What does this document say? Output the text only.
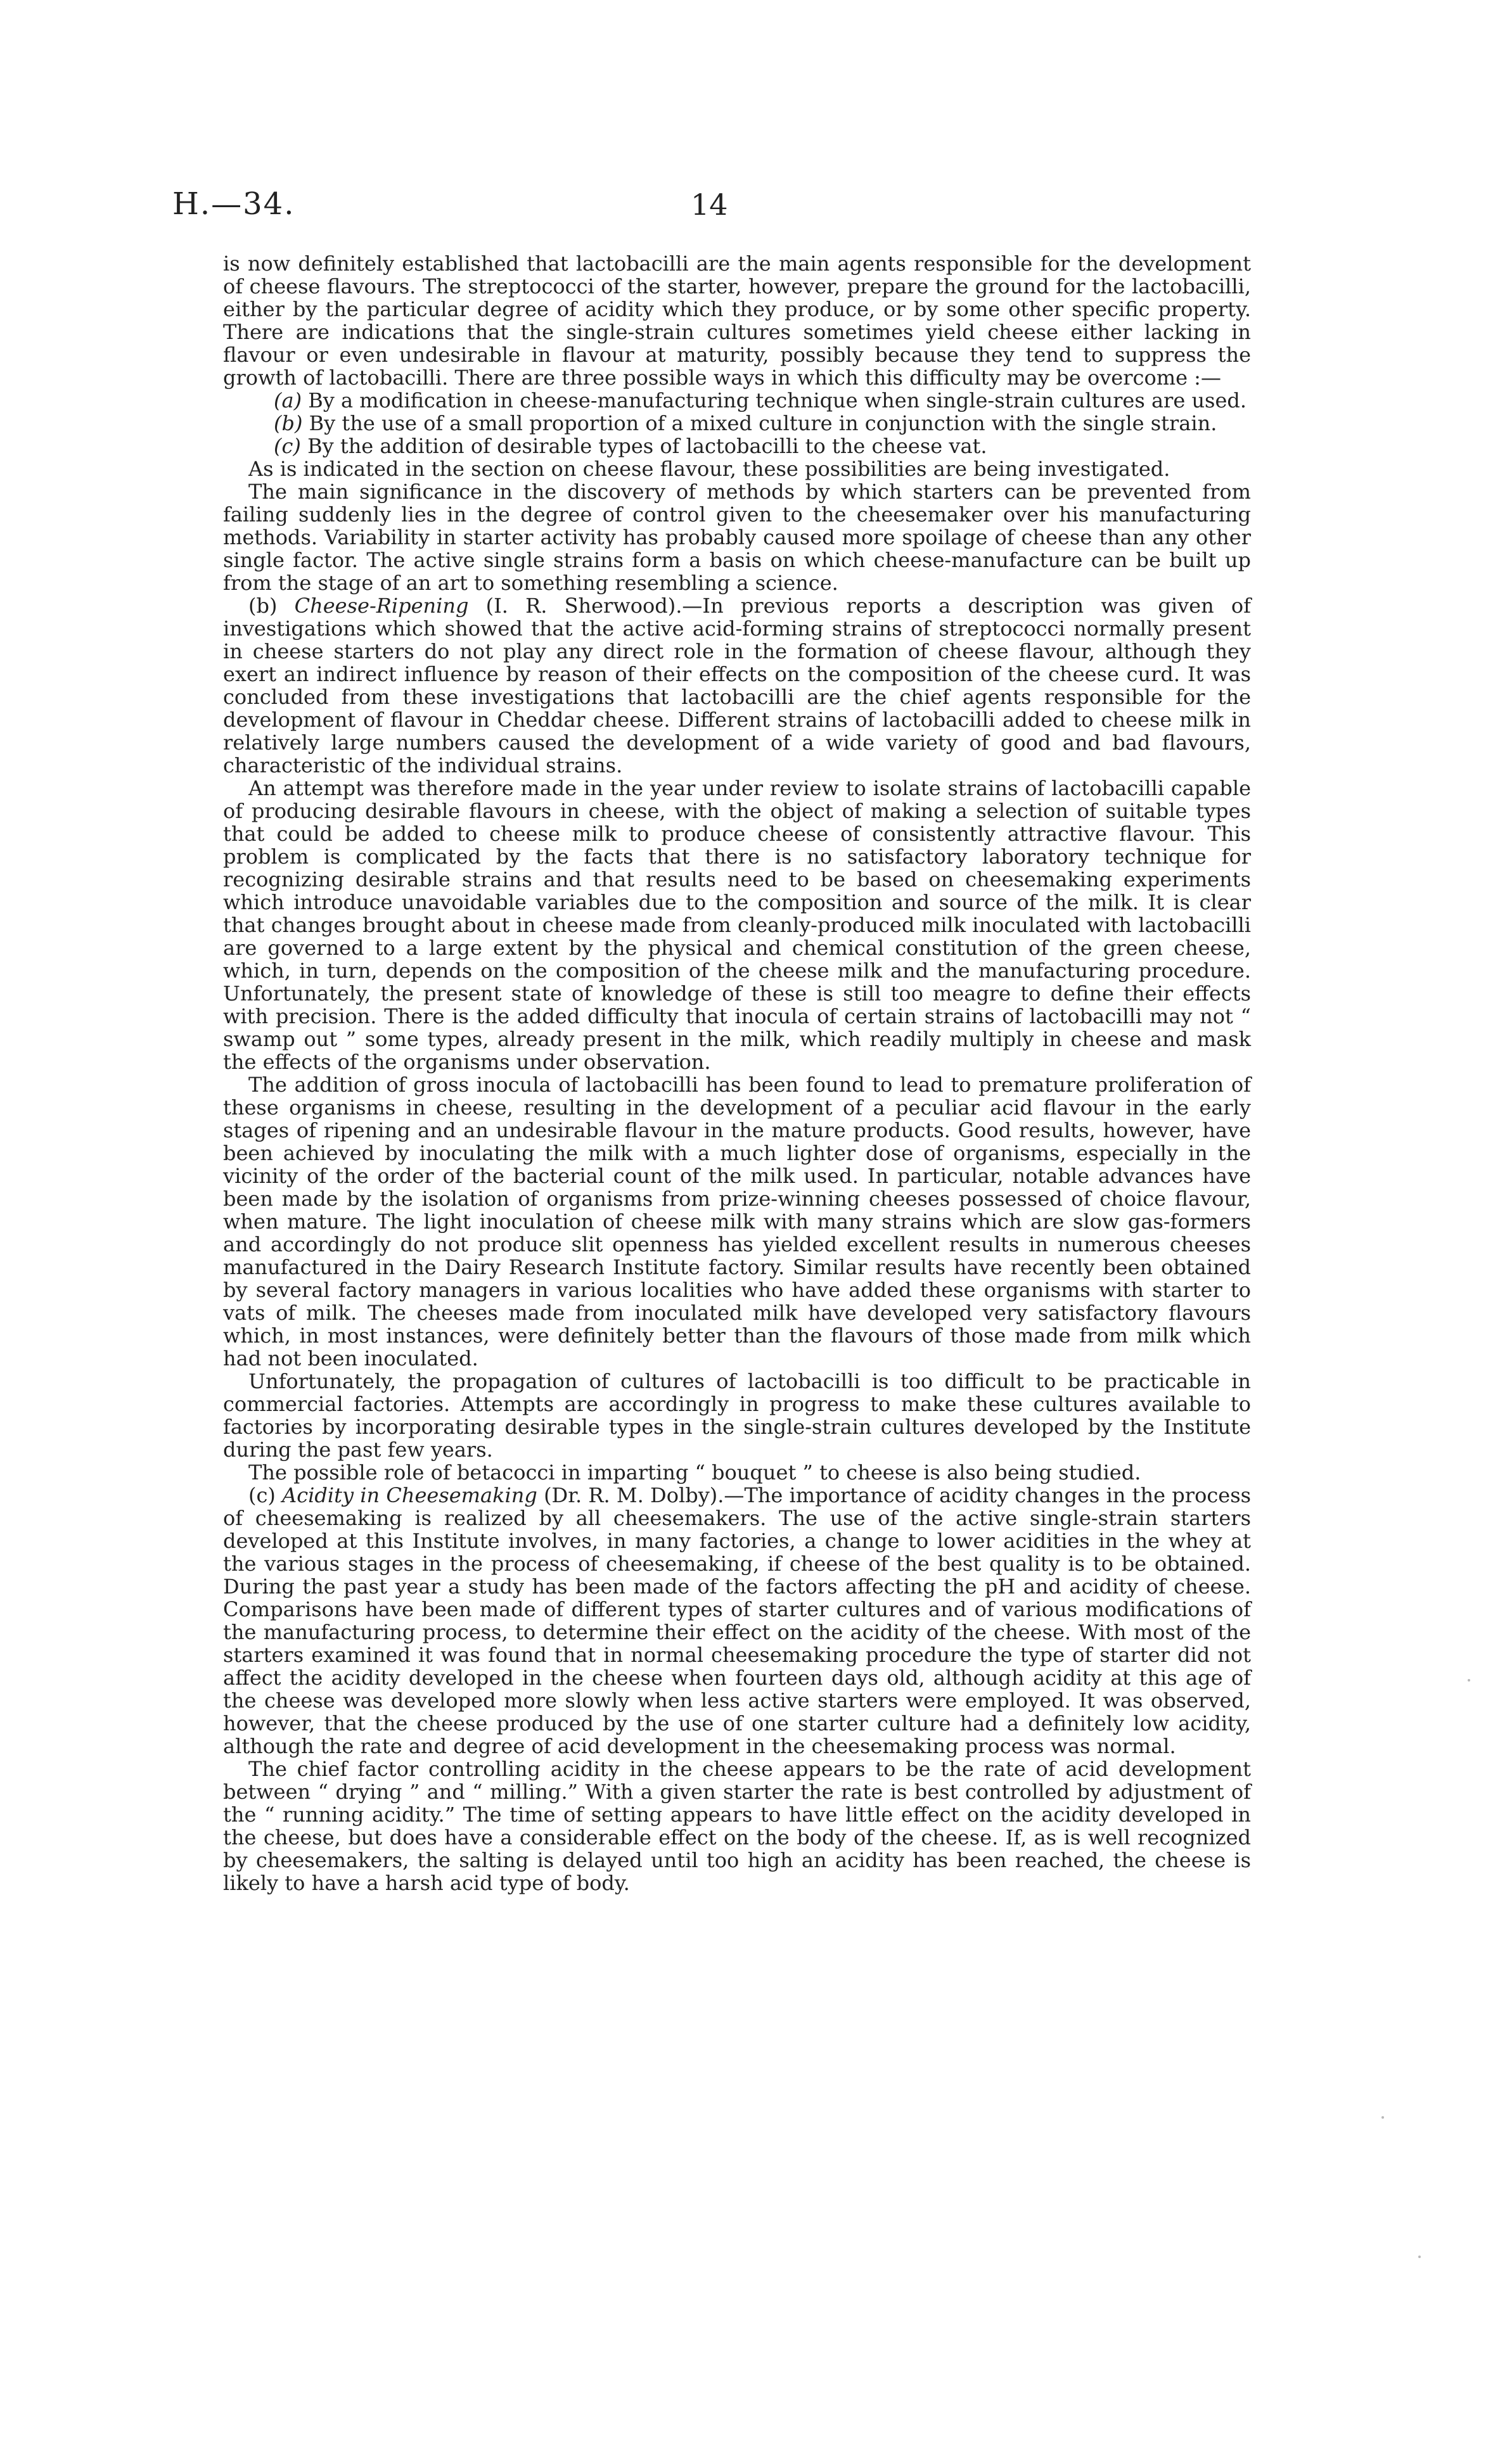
H.—34.	14

is now definitely established that lactobacilli are the main agents responsible for the development of cheese flavours. The streptococci of the starter, however, prepare the ground for the lactobacilli, either by the particular degree of acidity which they produce, or by some other specific property. There are indications that the single-strain cultures sometimes yield cheese either lacking in flavour or even undesirable in flavour at maturity, possibly because they tend to suppress the growth of lactobacilli. There are three possible ways in which this difficulty may be overcome :—

(a) By a modification in cheese-manufacturing technique when single-strain cultures are used.

(b) By the use of a small proportion of a mixed culture in conjunction with the single strain.

(c) By the addition of desirable types of lactobacilli to the cheese vat.

As is indicated in the section on cheese flavour, these possibilities are being investigated.

The main significance in the discovery of methods by which starters can be prevented from failing suddenly lies in the degree of control given to the cheesemaker over his manufacturing methods. Variability in starter activity has probably caused more spoilage of cheese than any other single factor. The active single strains form a basis on which cheese-manufacture can be built up from the stage of an art to something resembling a science.

(b) Cheese-Ripening (I. R. Sherwood).—In previous reports a description was given of investigations which showed that the active acid-forming strains of streptococci normally present in cheese starters do not play any direct role in the formation of cheese flavour, although they exert an indirect influence by reason of their effects on the composition of the cheese curd. It was concluded from these investigations that lactobacilli are the chief agents responsible for the development of flavour in Cheddar cheese. Different strains of lactobacilli added to cheese milk in relatively large numbers caused the development of a wide variety of good and bad flavours, characteristic of the individual strains.

An attempt was therefore made in the year under review to isolate strains of lactobacilli capable of producing desirable flavours in cheese, with the object of making a selection of suitable types that could be added to cheese milk to produce cheese of consistently attractive flavour. This problem is complicated by the facts that there is no satisfactory laboratory technique for recognizing desirable strains and that results need to be based on cheesemaking experiments which introduce unavoidable variables due to the composition and source of the milk. It is clear that changes brought about in cheese made from cleanly-produced milk inoculated with lactobacilli are governed to a large extent by the physical and chemical constitution of the green cheese, which, in turn, depends on the composition of the cheese milk and the manufacturing procedure. Unfortunately, the present state of knowledge of these is still too meagre to define their effects with precision. There is the added difficulty that inocula of certain strains of lactobacilli may not “ swamp out ” some types, already present in the milk, which readily multiply in cheese and mask the effects of the organisms under observation.

The addition of gross inocula of lactobacilli has been found to lead to premature proliferation of these organisms in cheese, resulting in the development of a peculiar acid flavour in the early stages of ripening and an undesirable flavour in the mature products. Good results, however, have been achieved by inoculating the milk with a much lighter dose of organisms, especially in the vicinity of the order of the bacterial count of the milk used. In particular, notable advances have been made by the isolation of organisms from prize-winning cheeses possessed of choice flavour, when mature. The light inoculation of cheese milk with many strains which are slow gas-formers and accordingly do not produce slit openness has yielded excellent results in numerous cheeses manufactured in the Dairy Research Institute factory. Similar results have recently been obtained by several factory managers in various localities who have added these organisms with starter to vats of milk. The cheeses made from inoculated milk have developed very satisfactory flavours which, in most instances, were definitely better than the flavours of those made from milk which had not been inoculated.

Unfortunately, the propagation of cultures of lactobacilli is too difficult to be practicable in commercial factories. Attempts are accordingly in progress to make these cultures available to factories by incorporating desirable types in the single-strain cultures developed by the Institute during the past few years.

The possible role of betacocci in imparting “ bouquet ” to cheese is also being studied.

(c) Acidity in Cheesemaking (Dr. R. M. Dolby).—The importance of acidity changes in the process of cheesemaking is realized by all cheesemakers. The use of the active single-strain starters developed at this Institute involves, in many factories, a change to lower acidities in the whey at the various stages in the process of cheesemaking, if cheese of the best quality is to be obtained. During the past year a study has been made of the factors affecting the pH and acidity of cheese. Comparisons have been made of different types of starter cultures and of various modifications of the manufacturing process, to determine their effect on the acidity of the cheese. With most of the starters examined it was found that in normal cheesemaking procedure the type of starter did not affect the acidity developed in the cheese when fourteen days old, although acidity at this age of the cheese was developed more slowly when less active starters were employed. It was observed, however, that the cheese produced by the use of one starter culture had a definitely low acidity, although the rate and degree of acid development in the cheesemaking process was normal.

The chief factor controlling acidity in the cheese appears to be the rate of acid development between “ drying ” and “ milling.” With a given starter the rate is best controlled by adjustment of the “ running acidity.” The time of setting appears to have little effect on the acidity developed in the cheese, but does have a considerable effect on the body of the cheese. If, as is well recognized by cheesemakers, the salting is delayed until too high an acidity has been reached, the cheese is likely to have a harsh acid type of body.
